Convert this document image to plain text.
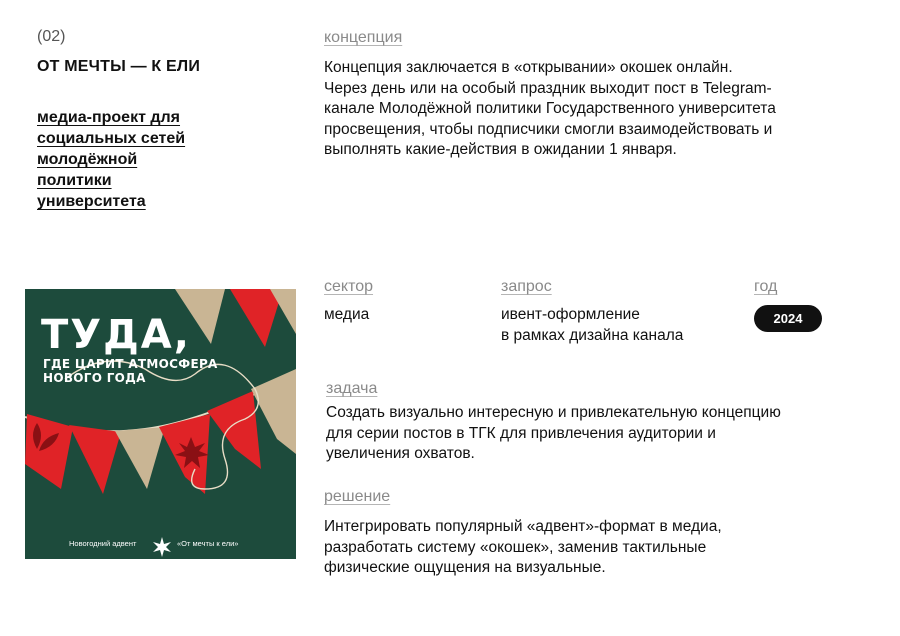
(02)
ОТ МЕЧТЫ — К ЕЛИ
медиа-проект для
социальных сетей
молодёжной
политики
университета
концепция
Концепция заключается в «открывании» окошек онлайн.
Через день или на особый праздник выходит пост в Telegram-
канале Молодёжной политики Государственного университета
просвещения, чтобы подписчики смогли взаимодействовать и
выполнять какие-действия в ожидании 1 января.
ТУДА,
ГДЕ ЦАРИТ АТМОСФЕРА
НОВОГО ГОДА
Новогодний адвент	«От мечты к ели»
сектор
медиа
запрос
ивент-оформление
в рамках дизайна канала
год
2024
задача
Создать визуально интересную и привлекательную концепцию
для серии постов в ТГК для привлечения аудитории и
увеличения охватов.
решение
Интегрировать популярный «адвент»-формат в медиа,
разработать систему «окошек», заменив тактильные
физические ощущения на визуальные.
